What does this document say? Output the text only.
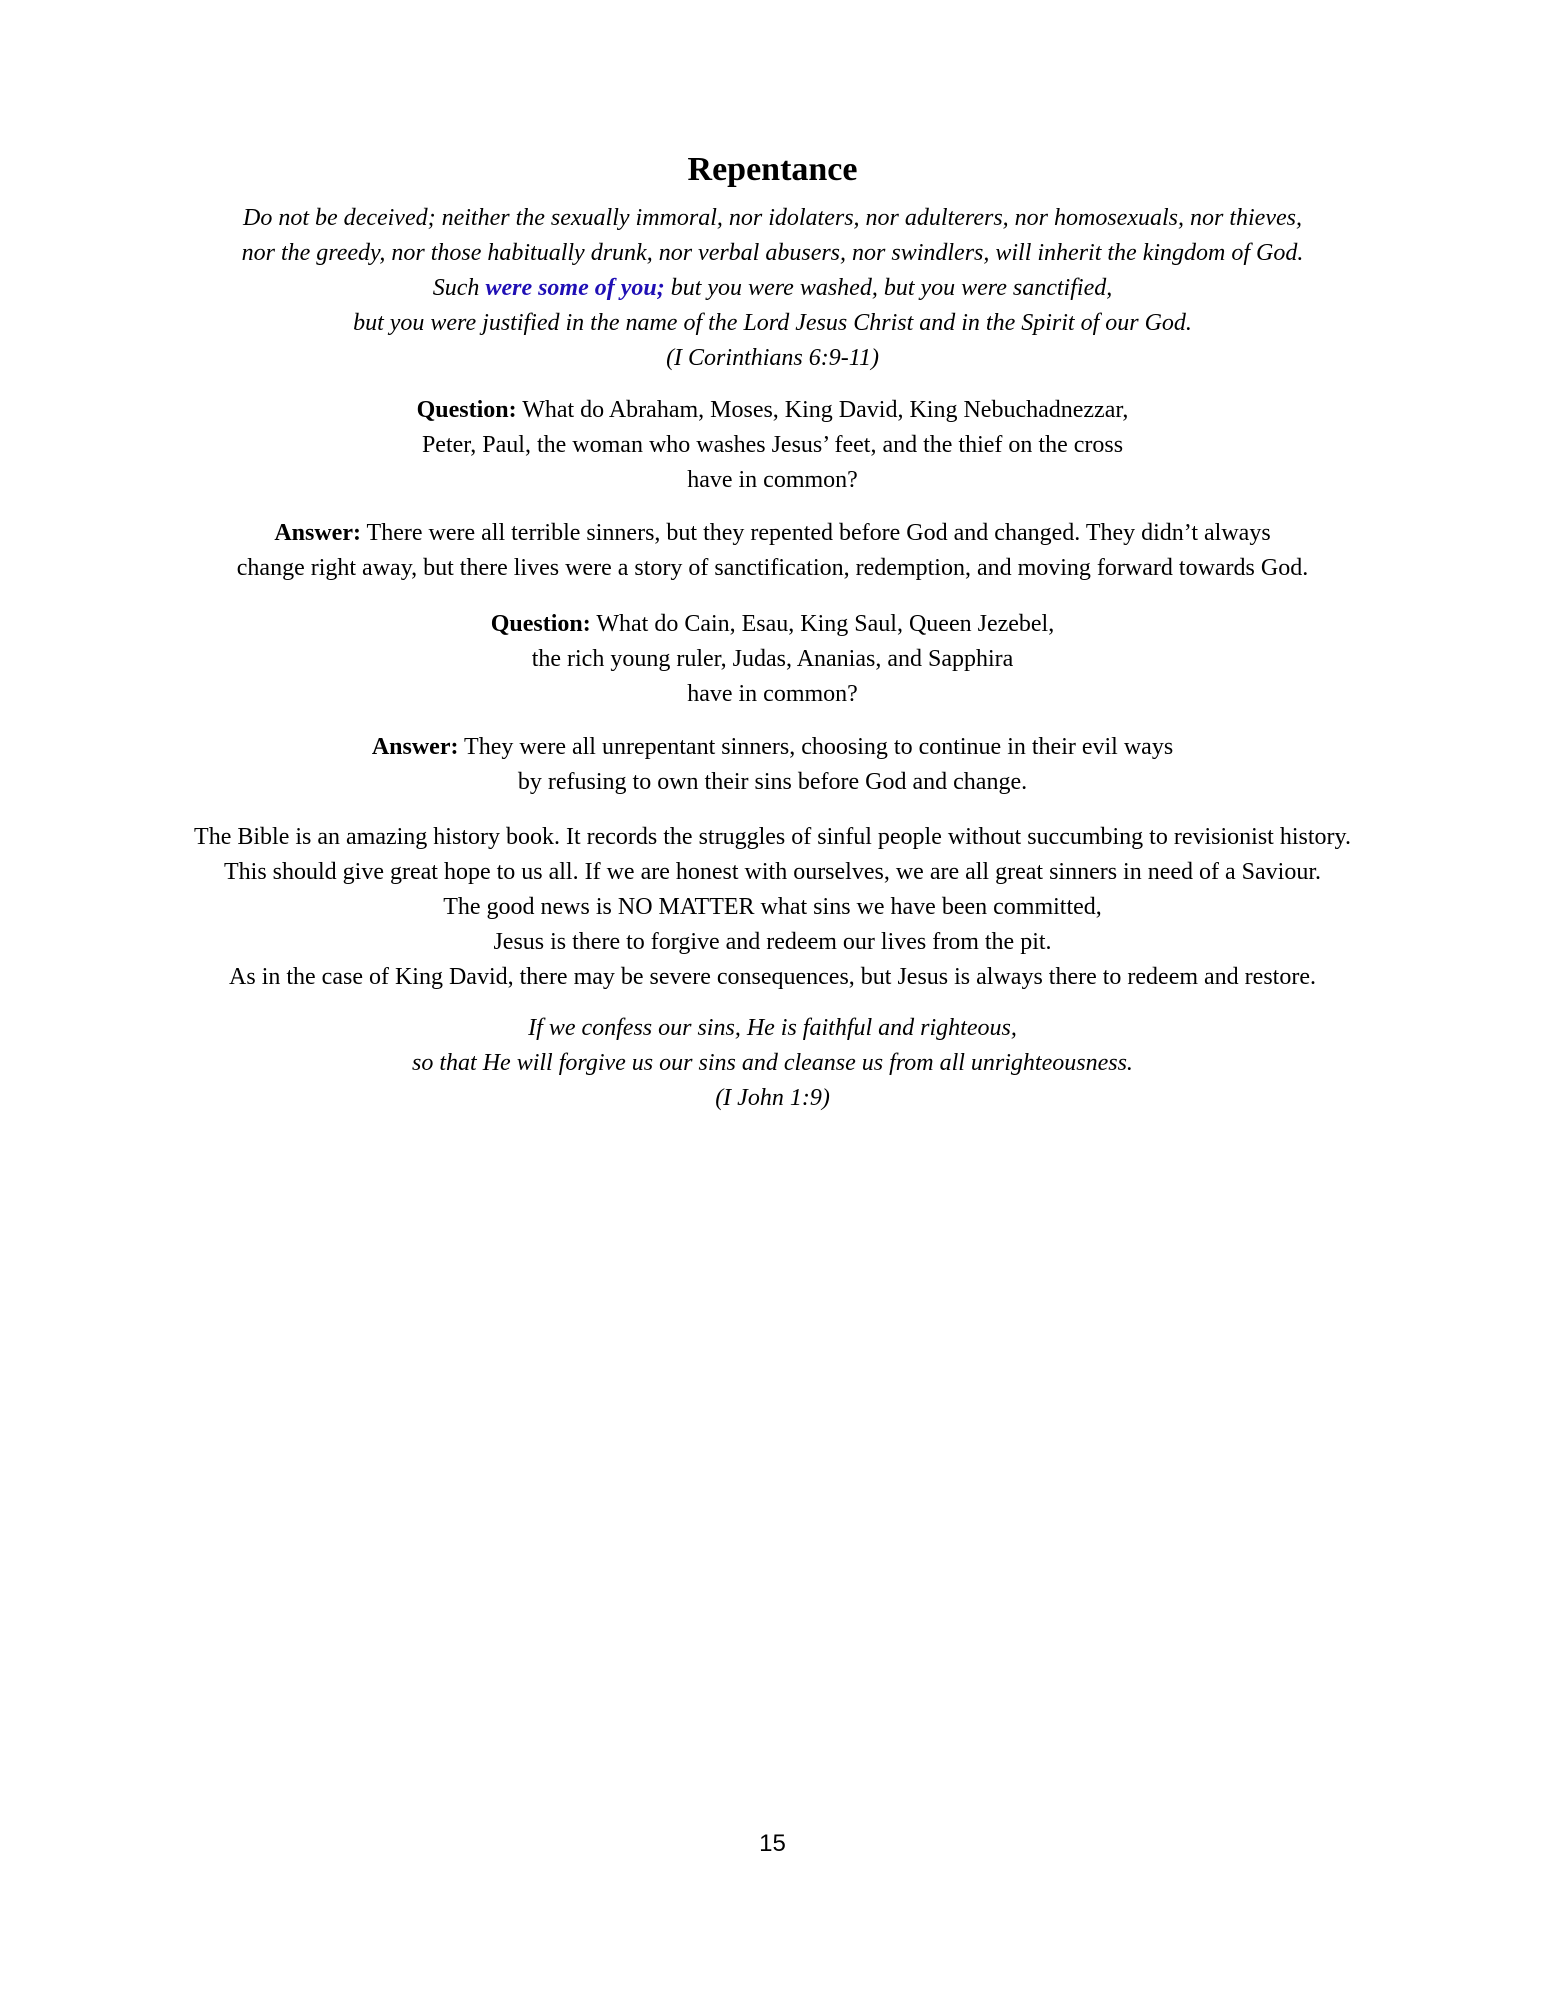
Repentance
Do not be deceived; neither the sexually immoral, nor idolaters, nor adulterers, nor homosexuals, nor thieves,
nor the greedy, nor those habitually drunk, nor verbal abusers, nor swindlers, will inherit the kingdom of God.
Such were some of you; but you were washed, but you were sanctified,
but you were justified in the name of the Lord Jesus Christ and in the Spirit of our God.
(I Corinthians 6:9-11)
Question: What do Abraham, Moses, King David, King Nebuchadnezzar,
Peter, Paul, the woman who washes Jesus’ feet, and the thief on the cross
have in common?
Answer: There were all terrible sinners, but they repented before God and changed. They didn’t always
change right away, but there lives were a story of sanctification, redemption, and moving forward towards God.
Question: What do Cain, Esau, King Saul, Queen Jezebel,
the rich young ruler, Judas, Ananias, and Sapphira
have in common?
Answer: They were all unrepentant sinners, choosing to continue in their evil ways
by refusing to own their sins before God and change.
The Bible is an amazing history book. It records the struggles of sinful people without succumbing to revisionist history.
This should give great hope to us all. If we are honest with ourselves, we are all great sinners in need of a Saviour.
The good news is NO MATTER what sins we have been committed,
Jesus is there to forgive and redeem our lives from the pit.
As in the case of King David, there may be severe consequences, but Jesus is always there to redeem and restore.
If we confess our sins, He is faithful and righteous,
so that He will forgive us our sins and cleanse us from all unrighteousness.
(I John 1:9)
15
